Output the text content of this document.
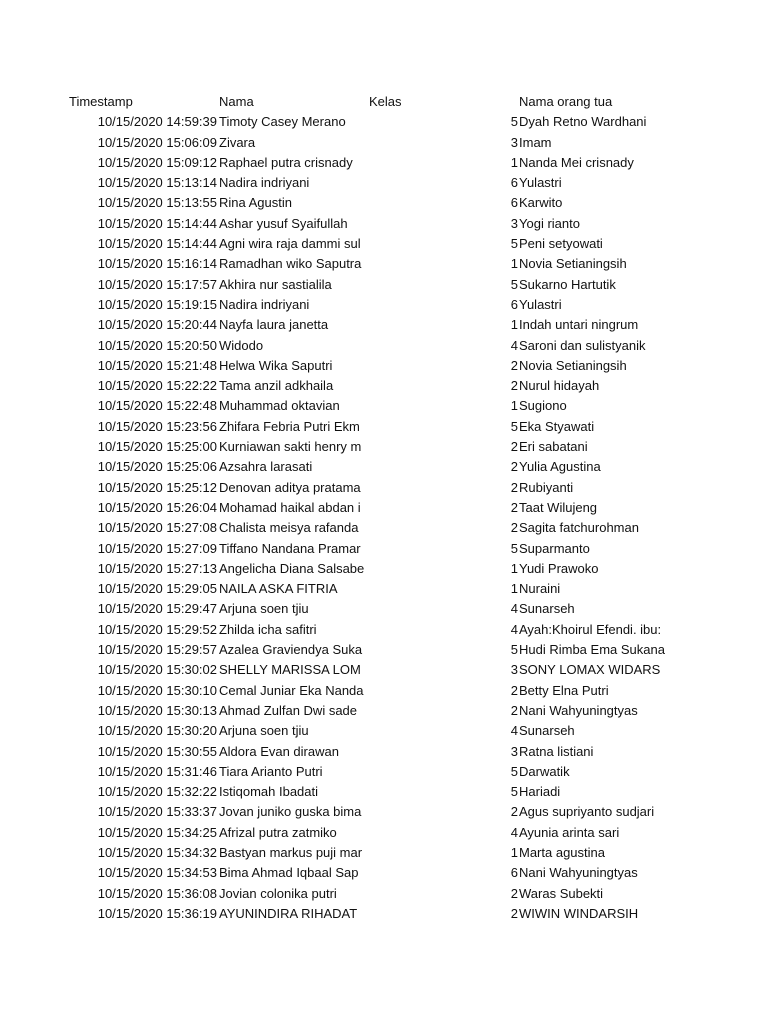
Timestamp	Nama	Kelas	Nama orang tua
10/15/2020 14:59:39 Timoty Casey Merano	5 Dyah Retno Wardhani
10/15/2020 15:06:09 Zivara	3 Imam
10/15/2020 15:09:12 Raphael putra crisnady	1 Nanda Mei crisnady
10/15/2020 15:13:14 Nadira indriyani	6 Yulastri
10/15/2020 15:13:55 Rina Agustin	6 Karwito
10/15/2020 15:14:44 Ashar yusuf Syaifullah	3 Yogi rianto
10/15/2020 15:14:44 Agni wira raja dammi sul	5 Peni setyowati
10/15/2020 15:16:14 Ramadhan wiko Saputra	1 Novia Setianingsih
10/15/2020 15:17:57 Akhira nur sastialila	5 Sukarno Hartutik
10/15/2020 15:19:15 Nadira indriyani	6 Yulastri
10/15/2020 15:20:44 Nayfa laura janetta	1 Indah untari ningrum
10/15/2020 15:20:50 Widodo	4 Saroni dan sulistyanik
10/15/2020 15:21:48 Helwa Wika Saputri	2 Novia Setianingsih
10/15/2020 15:22:22 Tama anzil adkhaila	2 Nurul hidayah
10/15/2020 15:22:48 Muhammad oktavian	1 Sugiono
10/15/2020 15:23:56 Zhifara Febria Putri Ekm	5 Eka Styawati
10/15/2020 15:25:00 Kurniawan sakti henry m	2 Eri sabatani
10/15/2020 15:25:06 Azsahra larasati	2 Yulia Agustina
10/15/2020 15:25:12 Denovan aditya pratama	2 Rubiyanti
10/15/2020 15:26:04 Mohamad haikal abdan i	2 Taat Wilujeng
10/15/2020 15:27:08 Chalista meisya rafanda	2 Sagita fatchurohman
10/15/2020 15:27:09 Tiffano Nandana Pramar	5 Suparmanto
10/15/2020 15:27:13 Angelicha Diana Salsabe	1 Yudi Prawoko
10/15/2020 15:29:05 NAILA ASKA FITRIA	1 Nuraini
10/15/2020 15:29:47 Arjuna soen tjiu	4 Sunarseh
10/15/2020 15:29:52 Zhilda icha safitri	4 Ayah:Khoirul Efendi. ibu:
10/15/2020 15:29:57 Azalea Graviendya Suka	5 Hudi Rimba Ema Sukana
10/15/2020 15:30:02 SHELLY MARISSA LOM	3 SONY LOMAX WIDARS
10/15/2020 15:30:10 Cemal Juniar Eka Nanda	2 Betty Elna Putri
10/15/2020 15:30:13 Ahmad Zulfan Dwi sade	2 Nani Wahyuningtyas
10/15/2020 15:30:20 Arjuna soen tjiu	4 Sunarseh
10/15/2020 15:30:55 Aldora Evan dirawan	3 Ratna listiani
10/15/2020 15:31:46 Tiara Arianto Putri	5 Darwatik
10/15/2020 15:32:22 Istiqomah Ibadati	5 Hariadi
10/15/2020 15:33:37 Jovan juniko guska bima	2 Agus supriyanto sudjari
10/15/2020 15:34:25 Afrizal putra zatmiko	4 Ayunia arinta sari
10/15/2020 15:34:32 Bastyan markus puji mar	1 Marta agustina
10/15/2020 15:34:53 Bima Ahmad Iqbaal Sap	6 Nani Wahyuningtyas
10/15/2020 15:36:08 Jovian colonika putri	2 Waras Subekti
10/15/2020 15:36:19 AYUNINDIRA RIHADAT	2 WIWIN WINDARSIH
